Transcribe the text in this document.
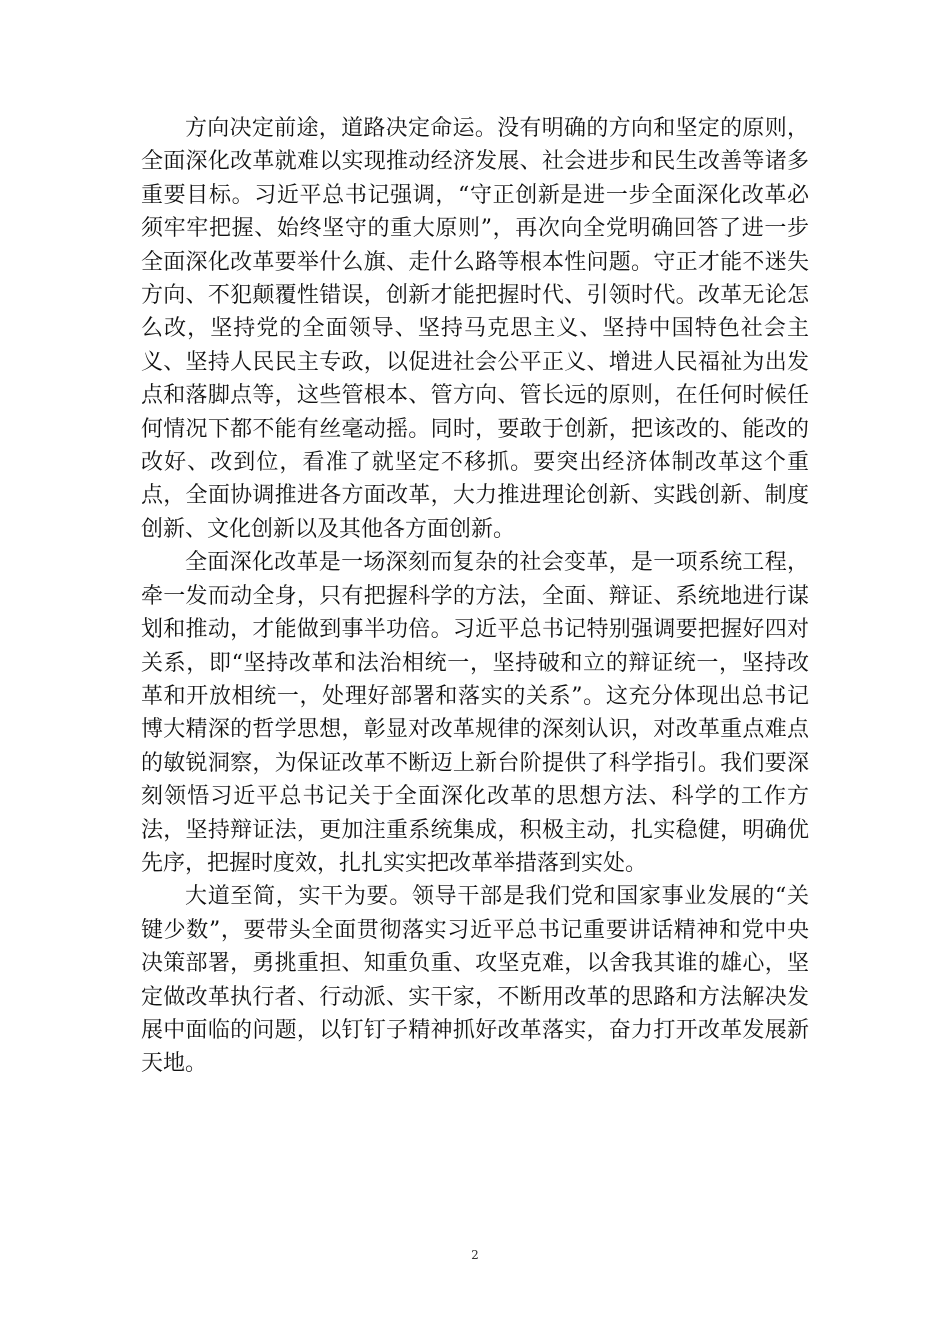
方向决定前途，道路决定命运。没有明确的方向和坚定的原则，全面深化改革就难以实现推动经济发展、社会进步和民生改善等诸多重要目标。习近平总书记强调，“守正创新是进一步全面深化改革必须牢牢把握、始终坚守的重大原则”，再次向全党明确回答了进一步全面深化改革要举什么旗、走什么路等根本性问题。守正才能不迷失方向、不犯颠覆性错误，创新才能把握时代、引领时代。改革无论怎么改，坚持党的全面领导、坚持马克思主义、坚持中国特色社会主义、坚持人民民主专政，以促进社会公平正义、增进人民福祉为出发点和落脚点等，这些管根本、管方向、管长远的原则，在任何时候任何情况下都不能有丝毫动摇。同时，要敢于创新，把该改的、能改的改好、改到位，看准了就坚定不移抓。要突出经济体制改革这个重点，全面协调推进各方面改革，大力推进理论创新、实践创新、制度创新、文化创新以及其他各方面创新。

全面深化改革是一场深刻而复杂的社会变革，是一项系统工程，牵一发而动全身，只有把握科学的方法，全面、辩证、系统地进行谋划和推动，才能做到事半功倍。习近平总书记特别强调要把握好四对关系，即“坚持改革和法治相统一，坚持破和立的辩证统一，坚持改革和开放相统一，处理好部署和落实的关系”。这充分体现出总书记博大精深的哲学思想，彰显对改革规律的深刻认识，对改革重点难点的敏锐洞察，为保证改革不断迈上新台阶提供了科学指引。我们要深刻领悟习近平总书记关于全面深化改革的思想方法、科学的工作方法，坚持辩证法，更加注重系统集成，积极主动，扎实稳健，明确优先序，把握时度效，扎扎实实把改革举措落到实处。

大道至简，实干为要。领导干部是我们党和国家事业发展的“关键少数”，要带头全面贯彻落实习近平总书记重要讲话精神和党中央决策部署，勇挑重担、知重负重、攻坚克难，以舍我其谁的雄心，坚定做改革执行者、行动派、实干家，不断用改革的思路和方法解决发展中面临的问题，以钉钉子精神抓好改革落实，奋力打开改革发展新天地。

2
